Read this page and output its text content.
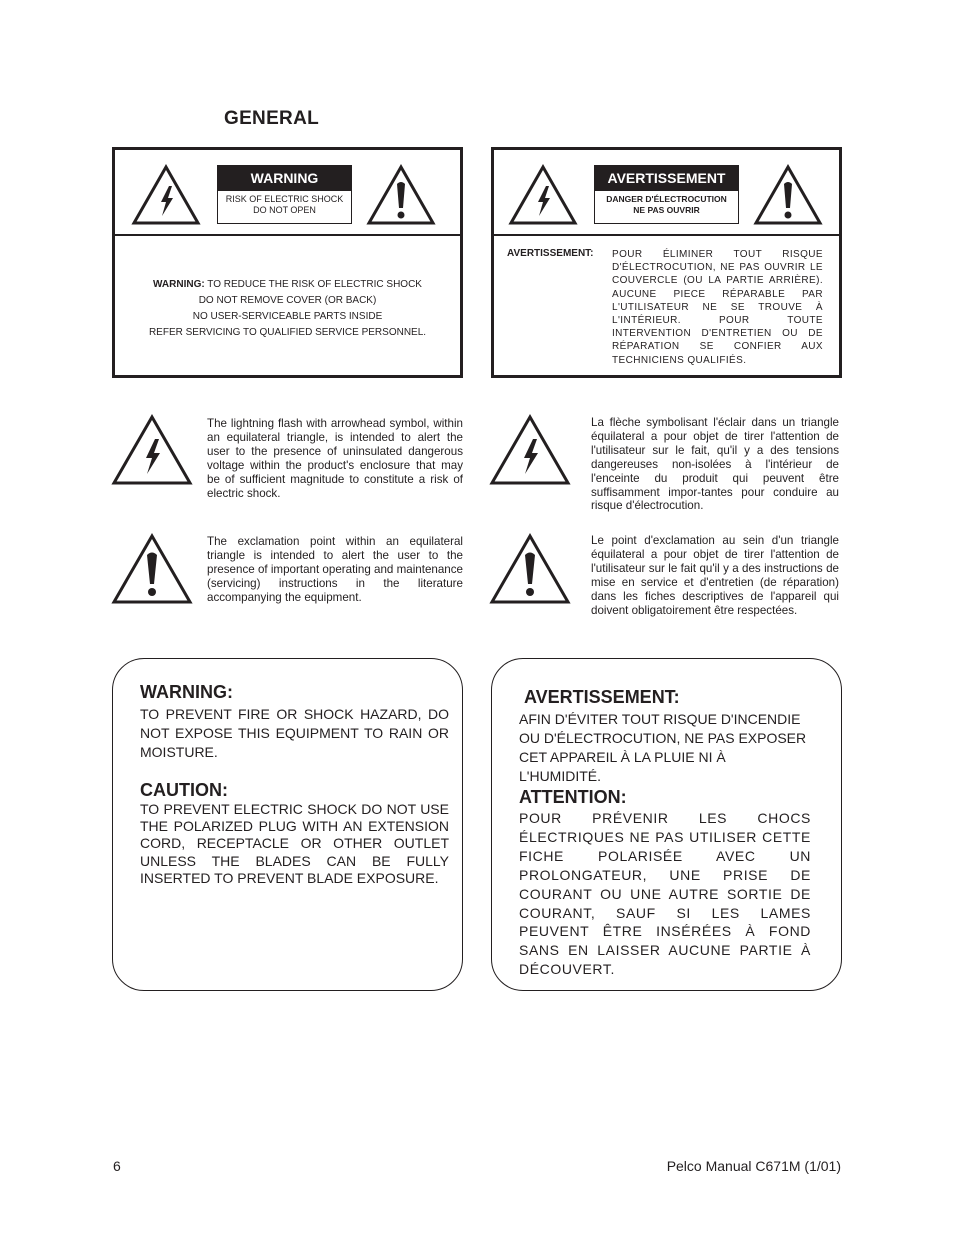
GENERAL
WARNING
RISK OF ELECTRIC SHOCK
DO NOT OPEN
WARNING: TO REDUCE THE RISK OF ELECTRIC SHOCK
DO NOT REMOVE COVER (OR BACK)
NO USER-SERVICEABLE PARTS INSIDE
REFER SERVICING TO QUALIFIED SERVICE PERSONNEL.
AVERTISSEMENT
DANGER D'ÉLECTROCUTION
NE PAS OUVRIR
AVERTISSEMENT: POUR ÉLIMINER TOUT RISQUE D'ÉLECTROCUTION, NE PAS OUVRIR LE COUVERCLE (OU LA PARTIE ARRIÈRE). AUCUNE PIECE RÉPARABLE PAR L'UTILISATEUR NE SE TROUVE À L'INTÉRIEUR. POUR TOUTE INTERVENTION D'ENTRETIEN OU DE RÉPARATION SE CONFIER AUX TECHNICIENS QUALIFIÉS.
The lightning flash with arrowhead symbol, within an equilateral triangle, is intended to alert the user to the presence of uninsulated dangerous voltage within the product's enclosure that may be of sufficient magnitude to constitute a risk of electric shock.
The exclamation point within an equilateral triangle is intended to alert the user to the presence of important operating and maintenance (servicing) instructions in the literature accompanying the equipment.
La flèche symbolisant l'éclair dans un triangle équilateral a pour objet de tirer l'attention de l'utilisateur sur le fait, qu'il y a des tensions dangereuses non-isolées à l'intérieur de l'enceinte du produit qui peuvent être suffisamment impor-tantes pour conduire au risque d'électrocution.
Le point d'exclamation au sein d'un triangle équilateral a pour objet de tirer l'attention de l'utilisateur sur le fait qu'il y a des instructions de mise en service et d'entretien (de réparation) dans les fiches descriptives de l'appareil qui doivent obligatoirement être respectées.
WARNING:
TO PREVENT FIRE OR SHOCK HAZARD, DO NOT EXPOSE THIS EQUIPMENT TO RAIN OR MOISTURE.
CAUTION:
TO PREVENT ELECTRIC SHOCK DO NOT USE THE POLARIZED PLUG WITH AN EXTENSION CORD, RECEPTACLE OR OTHER OUTLET UNLESS THE BLADES CAN BE FULLY INSERTED TO PREVENT BLADE EXPOSURE.
AVERTISSEMENT:
AFIN D'ÉVITER TOUT RISQUE D'INCENDIE OU D'ÉLECTROCUTION, NE PAS EXPOSER CET APPAREIL À LA PLUIE NI À L'HUMIDITÉ.
ATTENTION:
POUR PRÉVENIR LES CHOCS ÉLECTRIQUES NE PAS UTILISER CETTE FICHE POLARISÉE AVEC UN PROLONGATEUR, UNE PRISE DE COURANT OU UNE AUTRE SORTIE DE COURANT, SAUF SI LES LAMES PEUVENT ÊTRE INSÉRÉES À FOND SANS EN LAISSER AUCUNE PARTIE À DÉCOUVERT.
6	Pelco Manual C671M (1/01)
